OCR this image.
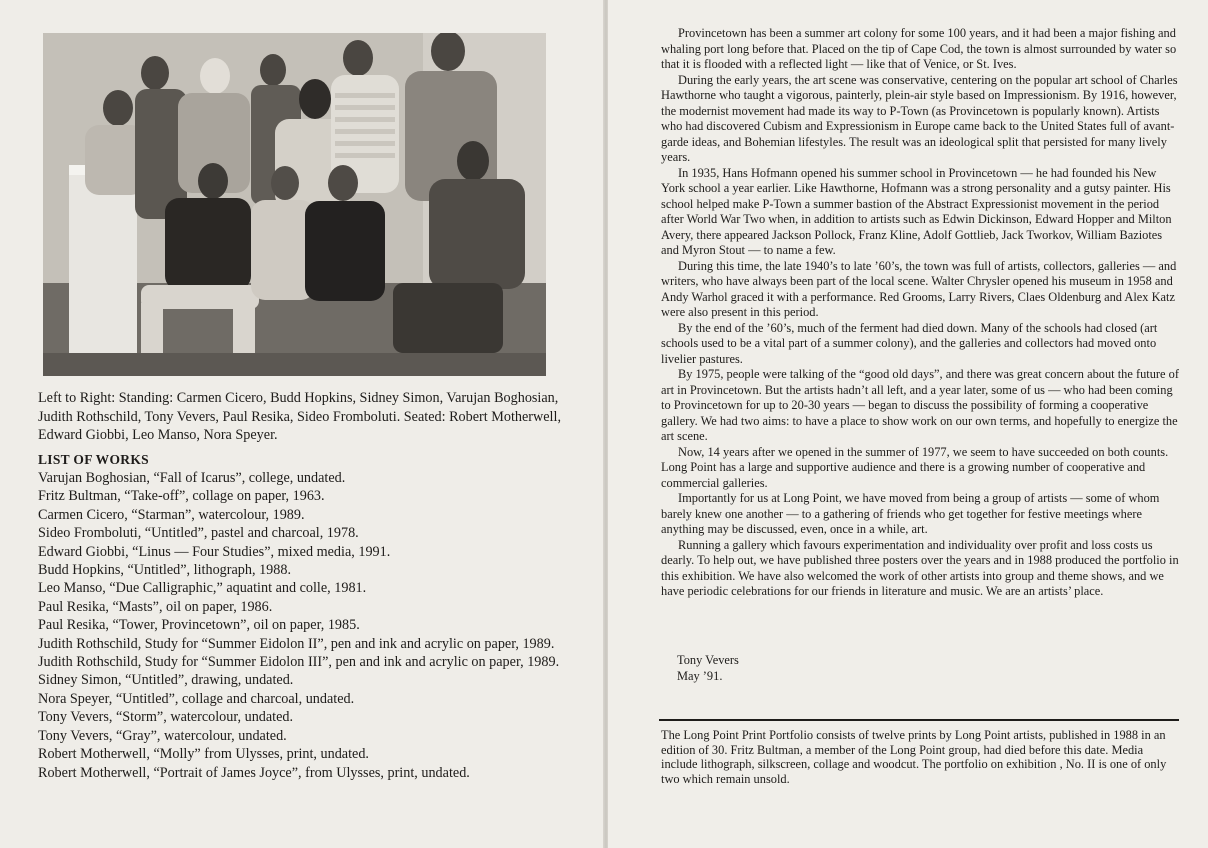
Left to Right: Standing: Carmen Cicero, Budd Hopkins, Sidney Simon, Varujan Boghosian, Judith Rothschild, Tony Vevers, Paul Resika, Sideo Fromboluti. Seated: Robert Motherwell, Edward Giobbi, Leo Manso, Nora Speyer.

LIST OF WORKS
Varujan Boghosian, “Fall of Icarus”, college, undated.
Fritz Bultman, “Take-off”, collage on paper, 1963.
Carmen Cicero, “Starman”, watercolour, 1989.
Sideo Fromboluti, “Untitled”, pastel and charcoal, 1978.
Edward Giobbi, “Linus — Four Studies”, mixed media, 1991.
Budd Hopkins, “Untitled”, lithograph, 1988.
Leo Manso, “Due Calligraphic,” aquatint and colle, 1981.
Paul Resika, “Masts”, oil on paper, 1986.
Paul Resika, “Tower, Provincetown”, oil on paper, 1985.
Judith Rothschild, Study for “Summer Eidolon II”, pen and ink and acrylic on paper, 1989.
Judith Rothschild, Study for “Summer Eidolon III”, pen and ink and acrylic on paper, 1989.
Sidney Simon, “Untitled”, drawing, undated.
Nora Speyer, “Untitled”, collage and charcoal, undated.
Tony Vevers, “Storm”, watercolour, undated.
Tony Vevers, “Gray”, watercolour, undated.
Robert Motherwell, “Molly” from Ulysses, print, undated.
Robert Motherwell, “Portrait of James Joyce”, from Ulysses, print, undated.

Provincetown has been a summer art colony for some 100 years, and it had been a major fishing and whaling port long before that. Placed on the tip of Cape Cod, the town is almost surrounded by water so that it is flooded with a reflected light — like that of Venice, or St. Ives.

During the early years, the art scene was conservative, centering on the popular art school of Charles Hawthorne who taught a vigorous, painterly, plein-air style based on Impressionism. By 1916, however, the modernist movement had made its way to P-Town (as Provincetown is popularly known). Artists who had discovered Cubism and Expressionism in Europe came back to the United States full of avant-garde ideas, and Bohemian lifestyles. The result was an ideological split that persisted for many lively years.

In 1935, Hans Hofmann opened his summer school in Provincetown — he had founded his New York school a year earlier. Like Hawthorne, Hofmann was a strong personality and a gutsy painter. His school helped make P-Town a summer bastion of the Abstract Expressionist movement in the period after World War Two when, in addition to artists such as Edwin Dickinson, Edward Hopper and Milton Avery, there appeared Jackson Pollock, Franz Kline, Adolf Gottlieb, Jack Tworkov, William Baziotes and Myron Stout — to name a few.

During this time, the late 1940’s to late ’60’s, the town was full of artists, collectors, galleries — and writers, who have always been part of the local scene. Walter Chrysler opened his museum in 1958 and Andy Warhol graced it with a performance. Red Grooms, Larry Rivers, Claes Oldenburg and Alex Katz were also present in this period.

By the end of the ’60’s, much of the ferment had died down. Many of the schools had closed (art schools used to be a vital part of a summer colony), and the galleries and collectors had moved onto livelier pastures.

By 1975, people were talking of the “good old days”, and there was great concern about the future of art in Provincetown. But the artists hadn’t all left, and a year later, some of us — who had been coming to Provincetown for up to 20-30 years — began to discuss the possibility of forming a cooperative gallery. We had two aims: to have a place to show work on our own terms, and hopefully to energize the art scene.

Now, 14 years after we opened in the summer of 1977, we seem to have succeeded on both counts. Long Point has a large and supportive audience and there is a growing number of cooperative and commercial galleries.

Importantly for us at Long Point, we have moved from being a group of artists — some of whom barely knew one another — to a gathering of friends who get together for festive meetings where anything may be discussed, even, once in a while, art.

Running a gallery which favours experimentation and individuality over profit and loss costs us dearly. To help out, we have published three posters over the years and in 1988 produced the portfolio in this exhibition. We have also welcomed the work of other artists into group and theme shows, and we have periodic celebrations for our friends in literature and music. We are an artists’ place.

Tony Vevers
May ’91.

The Long Point Print Portfolio consists of twelve prints by Long Point artists, published in 1988 in an edition of 30. Fritz Bultman, a member of the Long Point group, had died before this date. Media include lithograph, silkscreen, collage and woodcut. The portfolio on exhibition , No. II is one of only two which remain unsold.
